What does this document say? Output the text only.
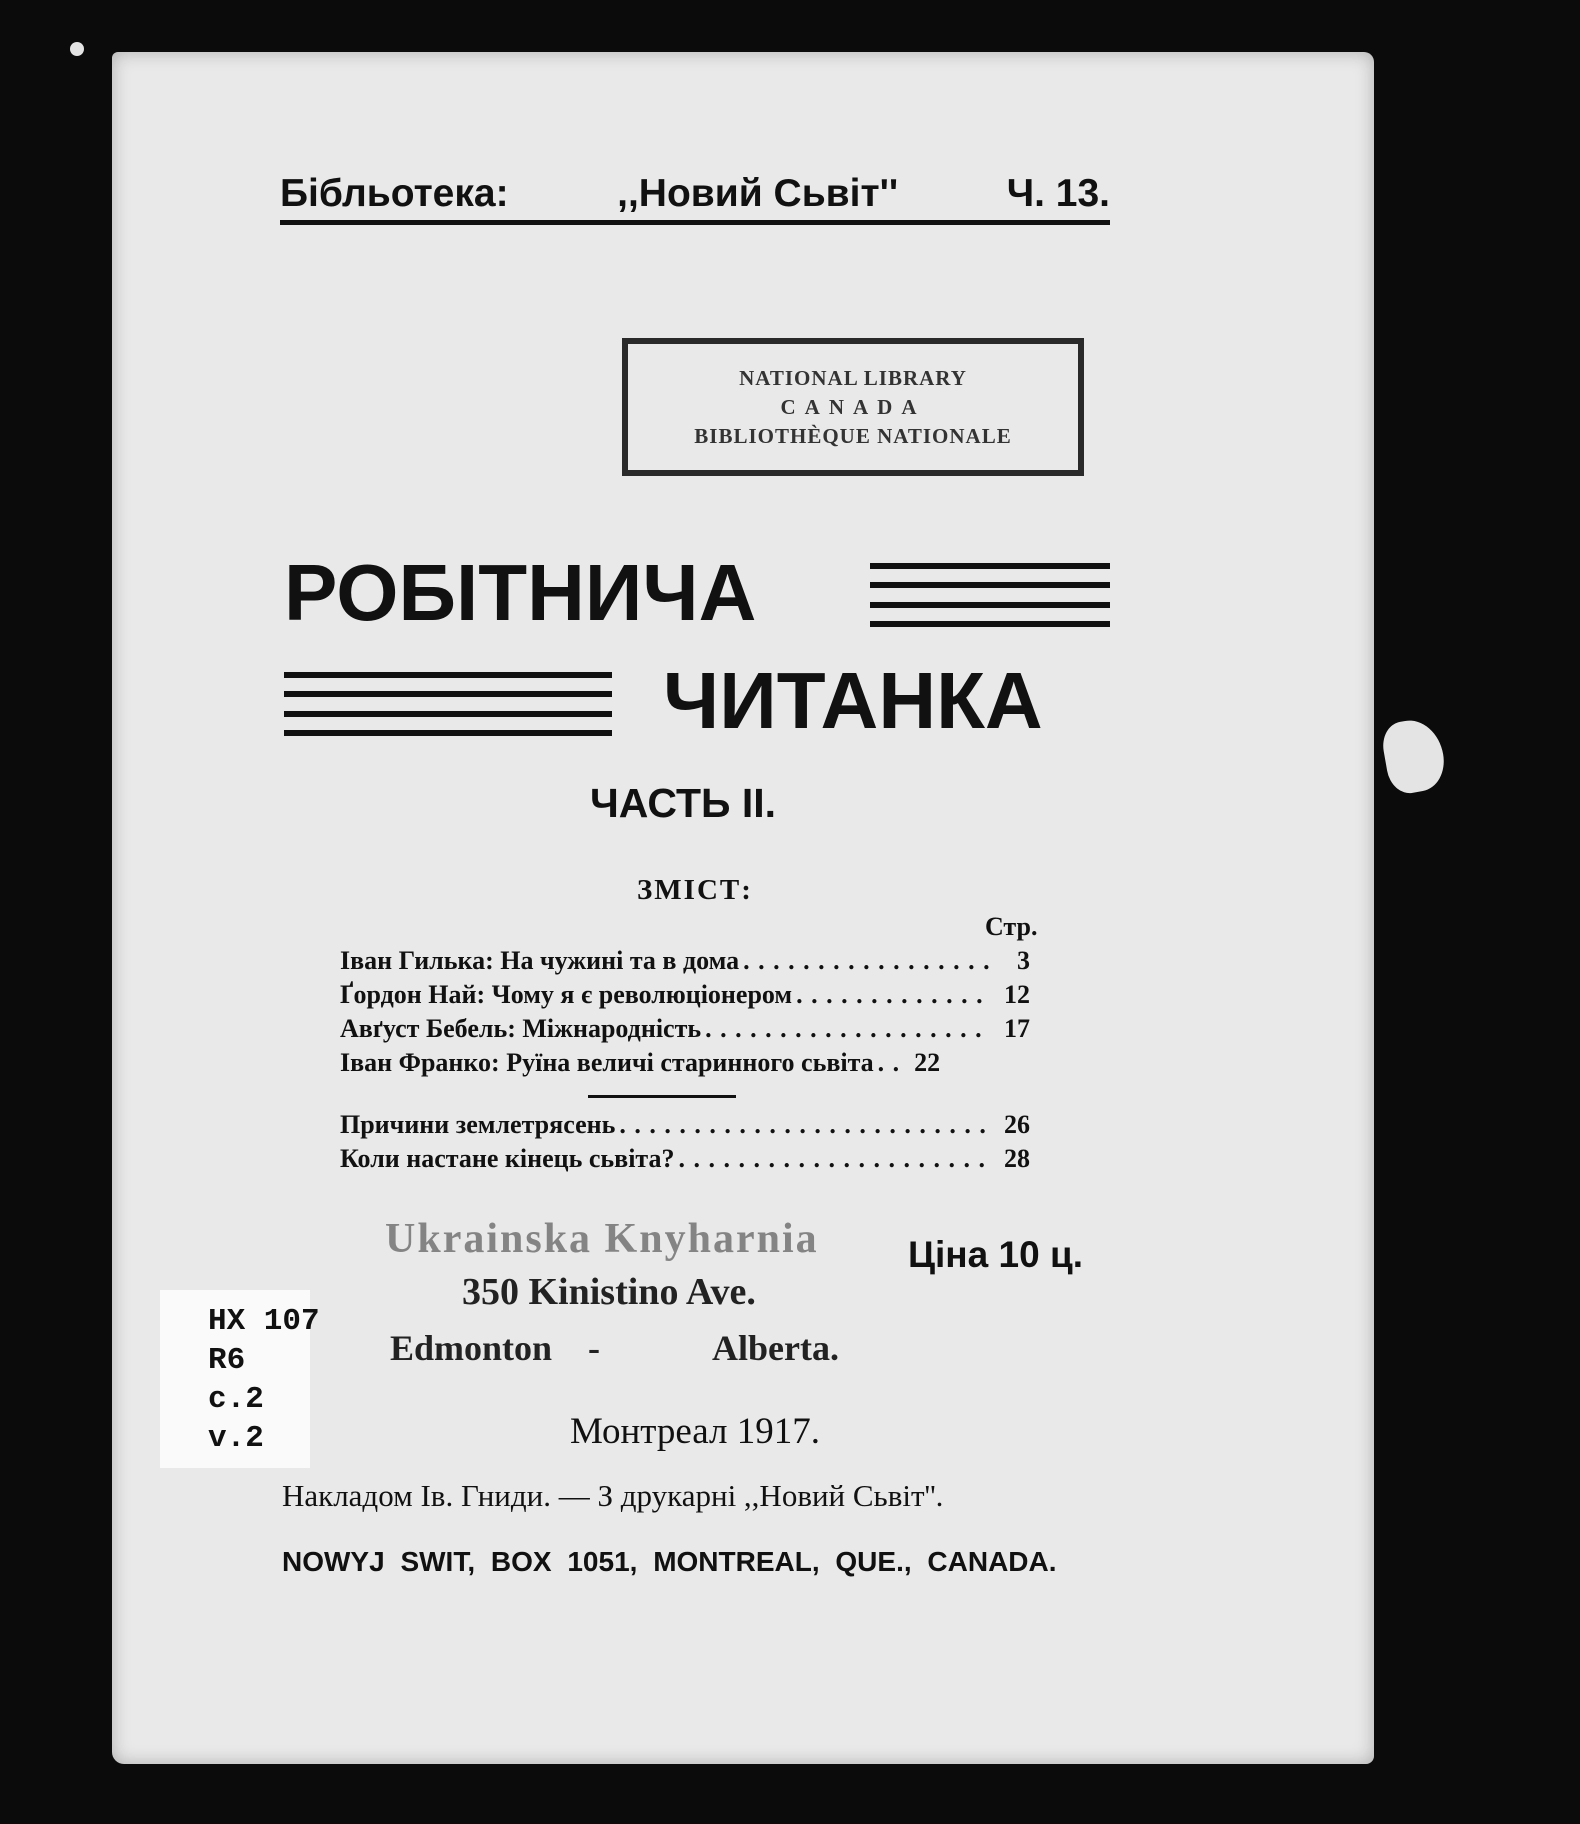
Бібльотека:	,,Новий Сьвіт''	Ч. 13.
NATIONAL LIBRARY
CANADA
BIBLIOTHÈQUE NATIONALE
РОБІТНИЧА
ЧИТАНКА
ЧАСТЬ II.
ЗМІСТ:
Стр.
Іван Гилька:
На чужині та в дома . . .	3
Ґордон Най:
Чому я є революціонером . . .	12
Авґуст Бебель:
Міжнародність . . .	17
Іван Франко:
Руїна величі старинного сьвіта . . .	22
Причини землетрясень . . .	26
Коли настане кінець сьвіта? . . .	28
Ціна 10 ц.
Ukrainska Knyharnia
350 Kinistino Ave.
Edmonton -	Alberta.
HX 107
R6
c.2
v.2	Монтреал 1917.
Накладом Ів. Гниди. — З друкарні ,,Новий Сьвіт''.
NOWYJ SWIT, BOX 1051, MONTREAL, QUE., CANADA.
